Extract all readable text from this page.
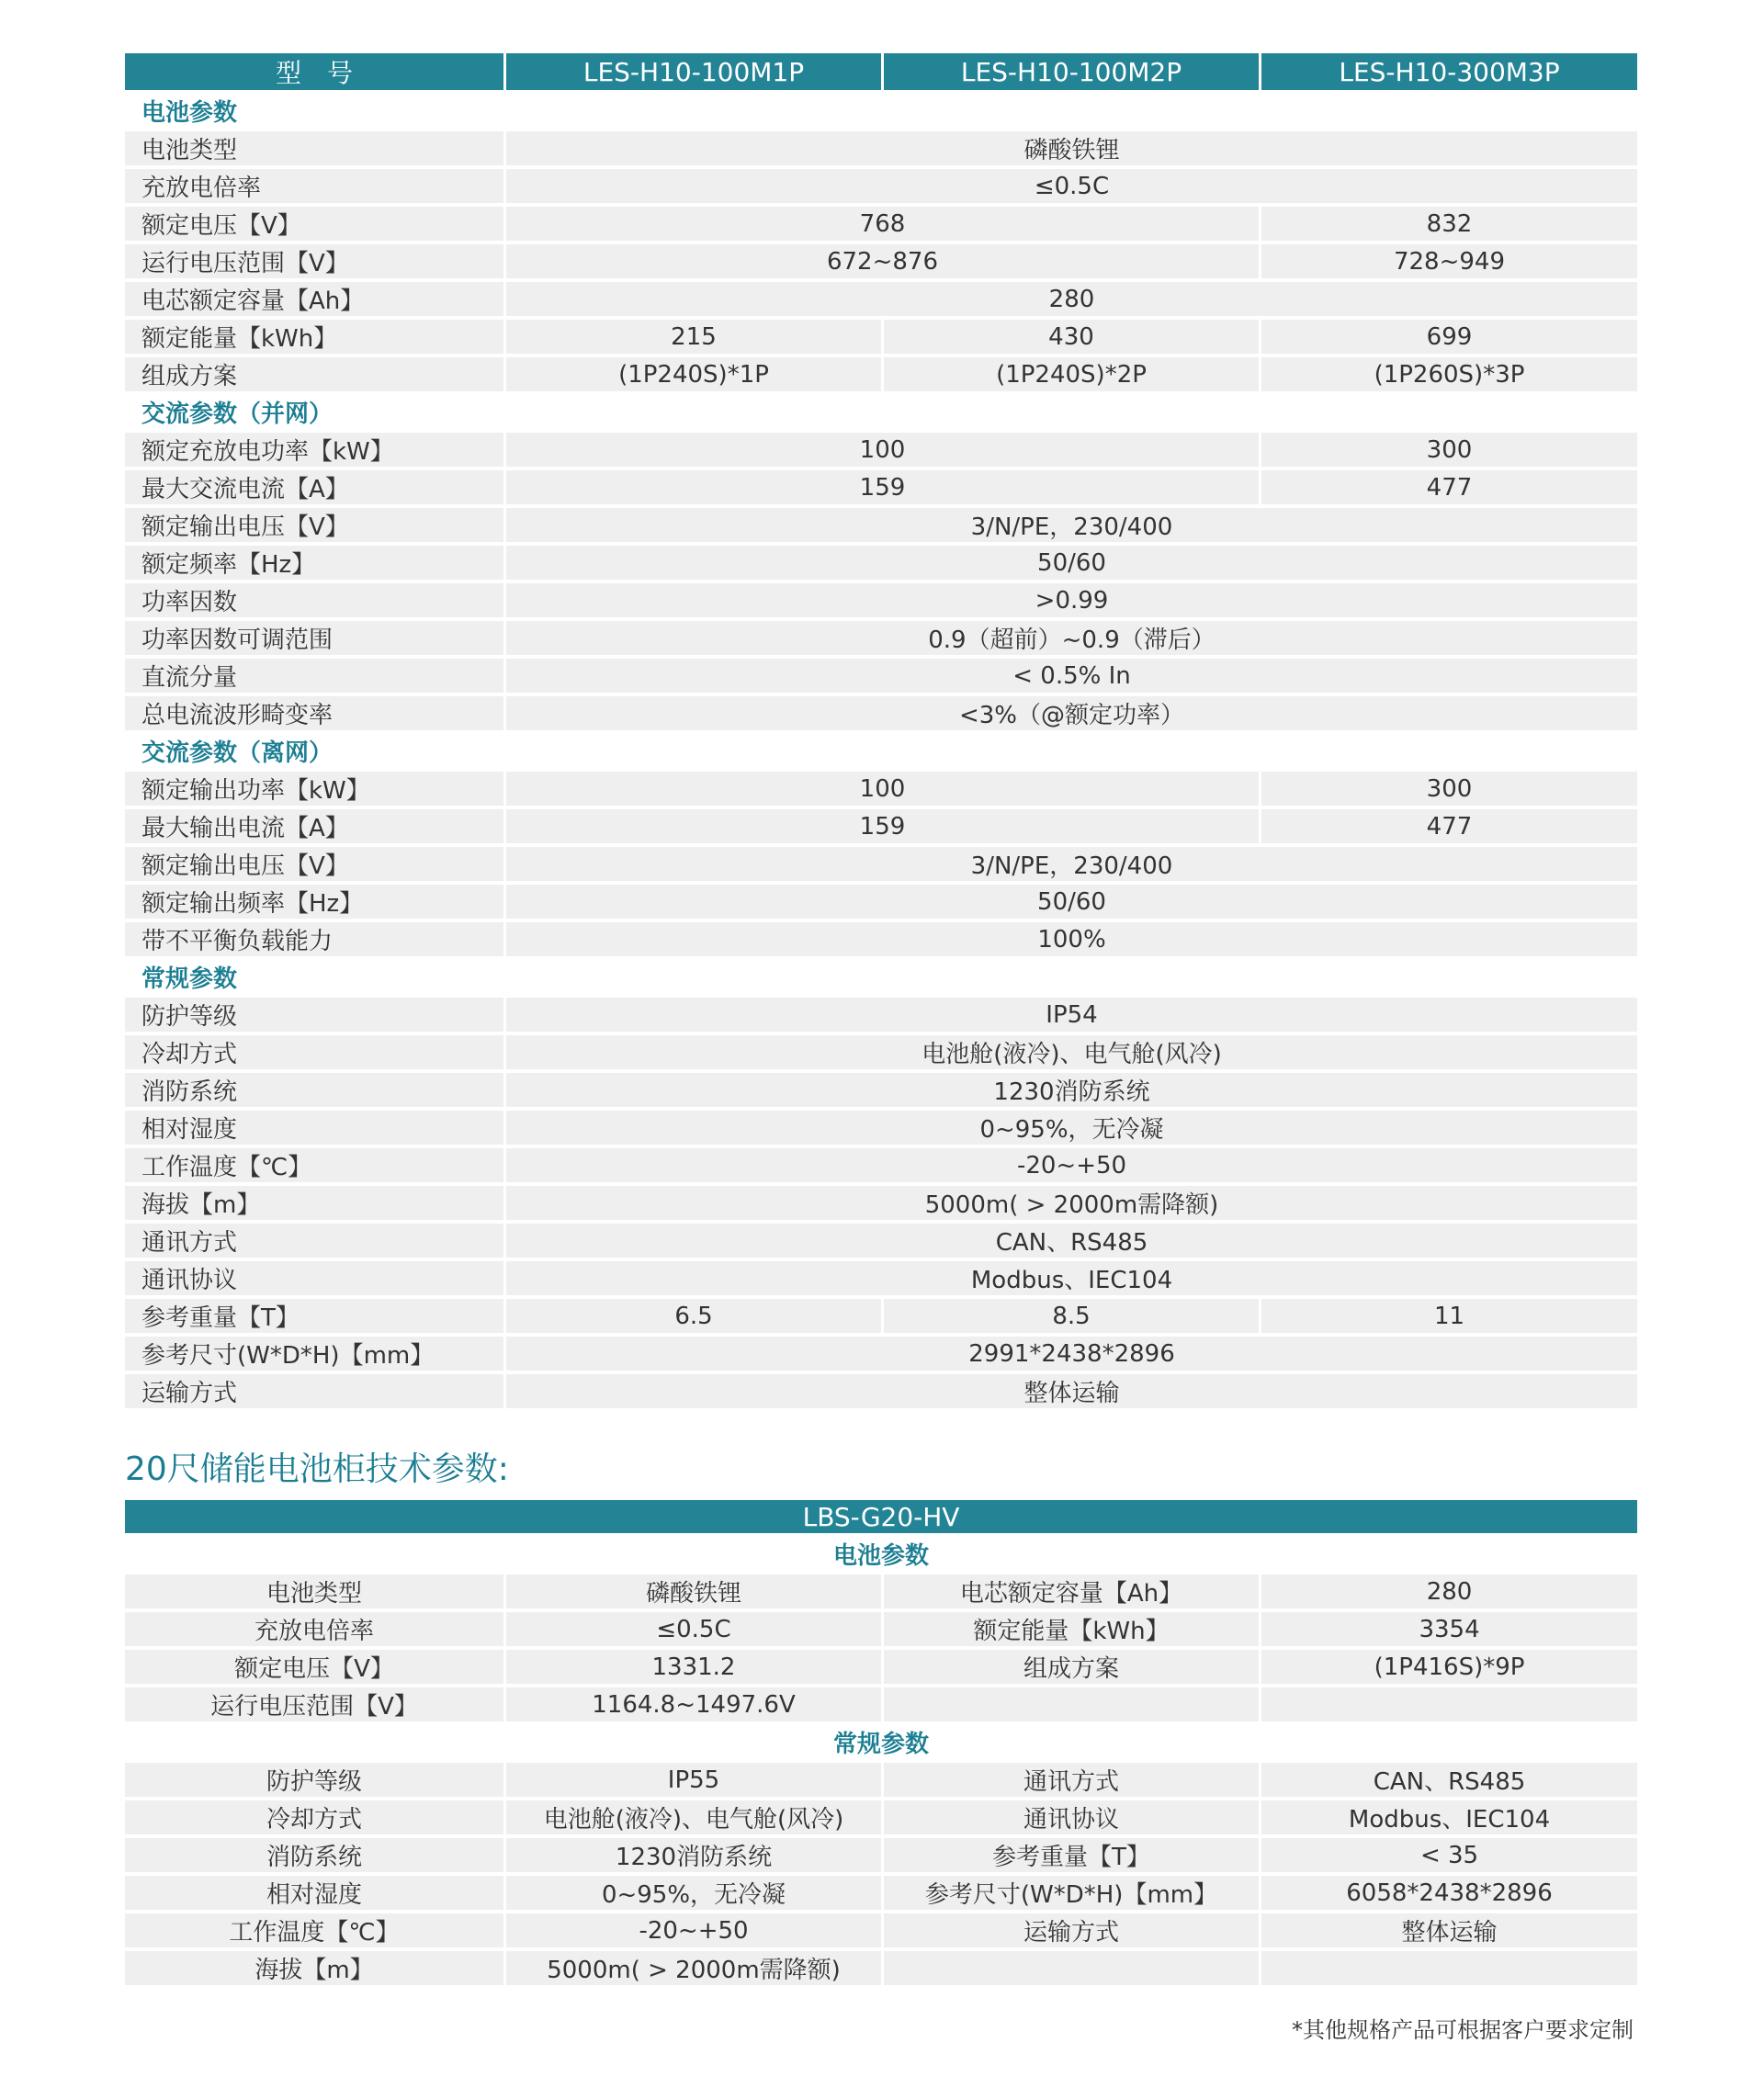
型　号	LES-H10-100M1P	LES-H10-100M2P	LES-H10-300M3P
电池参数			
电池类型	磷酸铁锂		
充放电倍率	≤0.5C		
额定电压【V】	768		832
运行电压范围【V】	672~876		728~949
电芯额定容量【Ah】	280		
额定能量【kWh】	215	430	699
组成方案	(1P240S)*1P	(1P240S)*2P	(1P260S)*3P
交流参数（并网）			
额定充放电功率【kW】	100		300
最大交流电流【A】	159		477
额定输出电压【V】	3/N/PE，230/400		
额定频率【Hz】	50/60		
功率因数	>0.99		
功率因数可调范围	0.9（超前）~0.9（滞后）		
直流分量	< 0.5% In		
总电流波形畸变率	<3%（@额定功率）		
交流参数（离网）			
额定输出功率【kW】	100		300
最大输出电流【A】	159		477
额定输出电压【V】	3/N/PE，230/400		
额定输出频率【Hz】	50/60		
带不平衡负载能力	100%		
常规参数			
防护等级	IP54		
冷却方式	电池舱(液冷)、电气舱(风冷)		
消防系统	1230消防系统		
相对湿度	0~95%，无冷凝		
工作温度【℃】	-20~+50		
海拔【m】	5000m( > 2000m需降额)		
通讯方式	CAN、RS485		
通讯协议	Modbus、IEC104		
参考重量【T】	6.5	8.5	11
参考尺寸(W*D*H)【mm】	2991*2438*2896		
运输方式	整体运输		
20尺储能电池柜技术参数:
LBS-G20-HV			
电池参数			
电池类型	磷酸铁锂	电芯额定容量【Ah】	280
充放电倍率	≤0.5C	额定能量【kWh】	3354
额定电压【V】	1331.2	组成方案	(1P416S)*9P
运行电压范围【V】	1164.8~1497.6V		
常规参数			
防护等级	IP55	通讯方式	CAN、RS485
冷却方式	电池舱(液冷)、电气舱(风冷)	通讯协议	Modbus、IEC104
消防系统	1230消防系统	参考重量【T】	< 35
相对湿度	0~95%，无冷凝	参考尺寸(W*D*H)【mm】	6058*2438*2896
工作温度【℃】	-20~+50	运输方式	整体运输
海拔【m】	5000m( > 2000m需降额)		
*其他规格产品可根据客户要求定制
